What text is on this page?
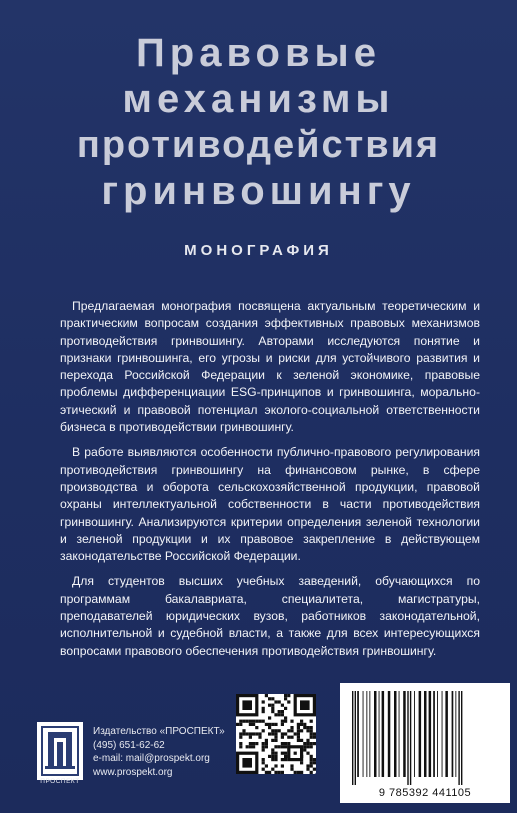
Правовые
механизмы
противодействия
гринвошингу
МОНОГРАФИЯ

Предлагаемая монография посвящена актуальным теоретическим и практическим вопросам создания эффективных правовых механизмов противодействия гринвошингу. Авторами исследуются понятие и признаки гринвошинга, его угрозы и риски для устойчивого развития и перехода Российской Федерации к зеленой экономике, правовые проблемы дифференциации ESG-принципов и гринвошинга, морально-этический и правовой потенциал эколого-социальной ответственности бизнеса в противодействии гринвошингу.

В работе выявляются особенности публично-правового регулирования противодействия гринвошингу на финансовом рынке, в сфере производства и оборота сельскохозяйственной продукции, правовой охраны интеллектуальной собственности в части противодействия гринвошингу. Анализируются критерии определения зеленой технологии и зеленой продукции и их правовое закрепление в действующем законодательстве Российской Федерации.

Для студентов высших учебных заведений, обучающихся по программам бакалавриата, специалитета, магистратуры, преподавателей юридических вузов, работников законодательной, исполнительной и судебной власти, а также для всех интересующихся вопросами правового обеспечения противодействия гринвошингу.

ПРОСПЕКТ
Издательство «ПРОСПЕКТ»
(495) 651-62-62
e-mail: mail@prospekt.org
www.prospekt.org
9 785392 441105
